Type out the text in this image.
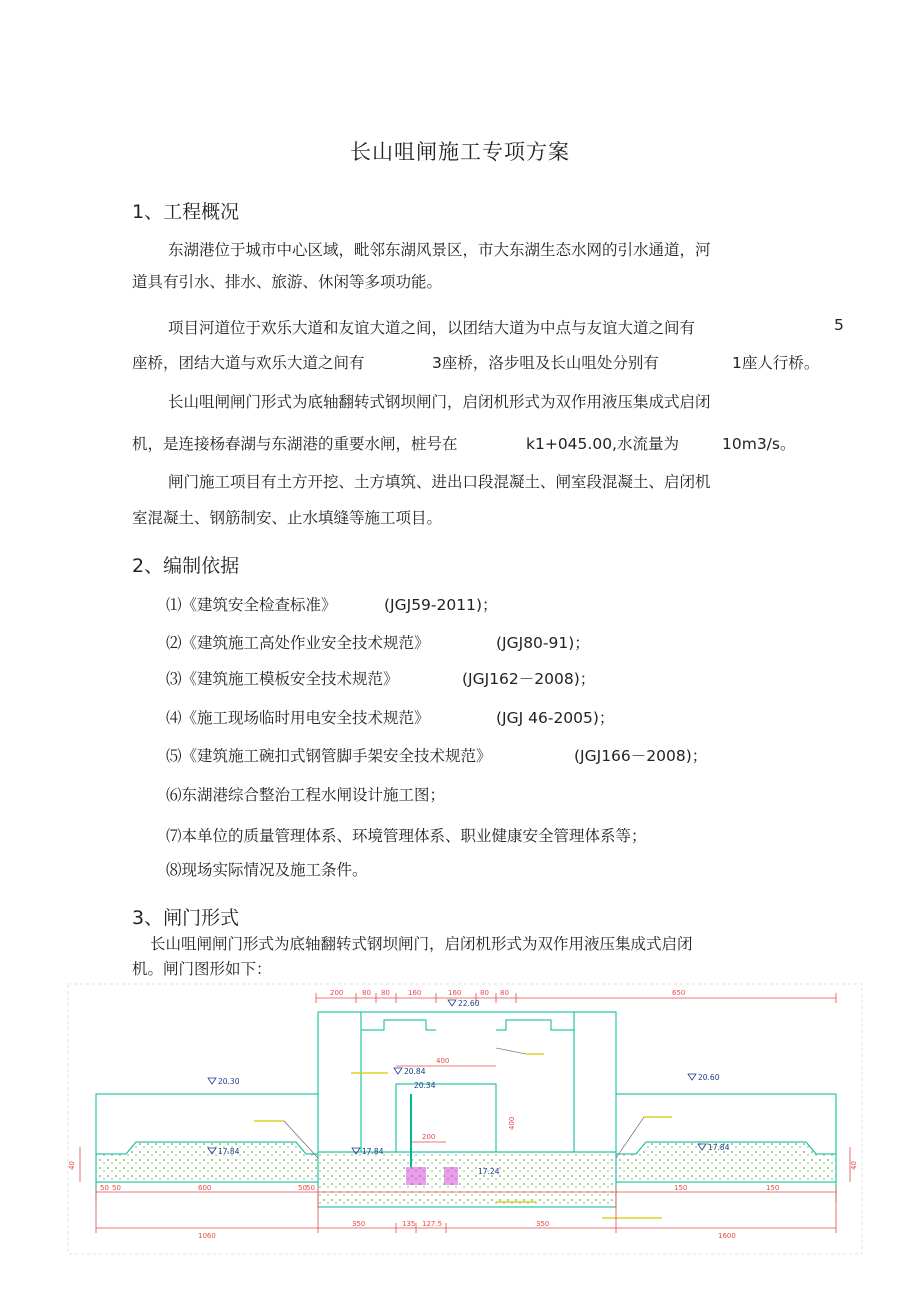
长山咀闸施工专项方案
1、工程概况
东湖港位于城市中心区域，毗邻东湖风景区，市大东湖生态水网的引水通道，河
道具有引水、排水、旅游、休闲等多项功能。
项目河道位于欢乐大道和友谊大道之间，以团结大道为中点与友谊大道之间有	5
座桥，团结大道与欢乐大道之间有	3座桥，洛步咀及长山咀处分别有	1座人行桥。
长山咀闸闸门形式为底轴翻转式钢坝闸门，启闭机形式为双作用液压集成式启闭
机，是连接杨春湖与东湖港的重要水闸，桩号在	k1+045.00,水流量为	10m3/s。
闸门施工项目有土方开挖、土方填筑、进出口段混凝土、闸室段混凝土、启闭机
室混凝土、钢筋制安、止水填缝等施工项目。
2、编制依据
⑴《建筑安全检查标准》	(JGJ59-2011)；
⑵《建筑施工高处作业安全技术规范》	(JGJ80-91)；
⑶《建筑施工模板安全技术规范》	(JGJ162－2008)；
⑷《施工现场临时用电安全技术规范》	(JGJ 46-2005)；
⑸《建筑施工碗扣式钢管脚手架安全技术规范》	(JGJ166－2008)；
⑹东湖港综合整治工程水闸设计施工图；
⑺本单位的质量管理体系、环境管理体系、职业健康安全管理体系等；
⑻现场实际情况及施工条件。
3、闸门形式
长山咀闸闸门形式为底轴翻转式钢坝闸门，启闭机形式为双作用液压集成式启闭
机。闸门图形如下：
200	80 80	160	160	80 80	650
22.60
20.84
20.34
20.30	20.60
17.84	17.84	17.84
17.24
400
200
40
400
40
50 50	600	50 50	150	150
1060
350	135 127.5	350
1600
